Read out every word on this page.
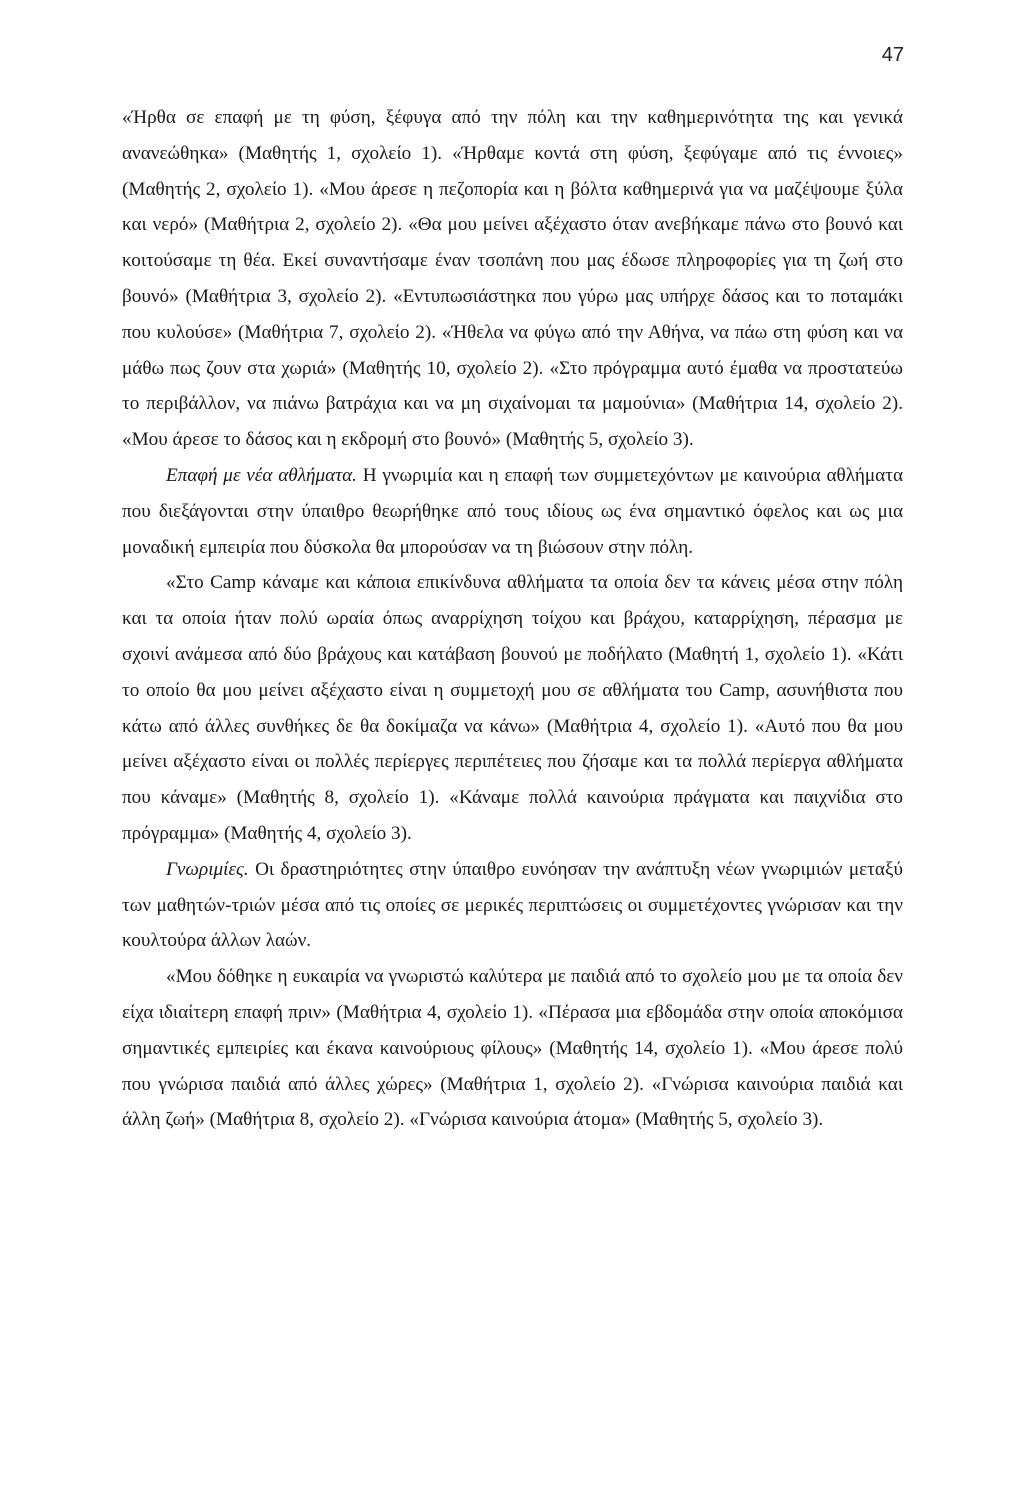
47

«Ήρθα σε επαφή με τη φύση, ξέφυγα από την πόλη και την καθημερινότητα της και γενικά ανανεώθηκα» (Μαθητής 1, σχολείο 1). «Ήρθαμε κοντά στη φύση, ξεφύγαμε από τις έννοιες» (Μαθητής 2, σχολείο 1). «Μου άρεσε η πεζοπορία και η βόλτα καθημερινά για να μαζέψουμε ξύλα και νερό» (Μαθήτρια 2, σχολείο 2). «Θα μου μείνει αξέχαστο όταν ανεβήκαμε πάνω στο βουνό και κοιτούσαμε τη θέα. Εκεί συναντήσαμε έναν τσοπάνη που μας έδωσε πληροφορίες για τη ζωή στο βουνό» (Μαθήτρια 3, σχολείο 2). «Εντυπωσιάστηκα που γύρω μας υπήρχε δάσος και το ποταμάκι που κυλούσε» (Μαθήτρια 7, σχολείο 2). «Ήθελα να φύγω από την Αθήνα, να πάω στη φύση και να μάθω πως ζουν στα χωριά» (Μαθητής 10, σχολείο 2). «Στο πρόγραμμα αυτό έμαθα να προστατεύω το περιβάλλον, να πιάνω βατράχια και να μη σιχαίνομαι τα μαμούνια» (Μαθήτρια 14, σχολείο 2). «Μου άρεσε το δάσος και η εκδρομή στο βουνό» (Μαθητής 5, σχολείο 3).

Επαφή με νέα αθλήματα. Η γνωριμία και η επαφή των συμμετεχόντων με καινούρια αθλήματα που διεξάγονται στην ύπαιθρο θεωρήθηκε από τους ιδίους ως ένα σημαντικό όφελος και ως μια μοναδική εμπειρία που δύσκολα θα μπορούσαν να τη βιώσουν στην πόλη.

«Στο Camp κάναμε και κάποια επικίνδυνα αθλήματα τα οποία δεν τα κάνεις μέσα στην πόλη και τα οποία ήταν πολύ ωραία όπως αναρρίχηση τοίχου και βράχου, καταρρίχηση, πέρασμα με σχοινί ανάμεσα από δύο βράχους και κατάβαση βουνού με ποδήλατο (Μαθητή 1, σχολείο 1). «Κάτι το οποίο θα μου μείνει αξέχαστο είναι η συμμετοχή μου σε αθλήματα του Camp, ασυνήθιστα που κάτω από άλλες συνθήκες δε θα δοκίμαζα να κάνω» (Μαθήτρια 4, σχολείο 1). «Αυτό που θα μου μείνει αξέχαστο είναι οι πολλές περίεργες περιπέτειες που ζήσαμε και τα πολλά περίεργα αθλήματα που κάναμε» (Μαθητής 8, σχολείο 1). «Κάναμε πολλά καινούρια πράγματα και παιχνίδια στο πρόγραμμα» (Μαθητής 4, σχολείο 3).

Γνωριμίες. Οι δραστηριότητες στην ύπαιθρο ευνόησαν την ανάπτυξη νέων γνωριμιών μεταξύ των μαθητών-τριών μέσα από τις οποίες σε μερικές περιπτώσεις οι συμμετέχοντες γνώρισαν και την κουλτούρα άλλων λαών.

«Μου δόθηκε η ευκαιρία να γνωριστώ καλύτερα με παιδιά από το σχολείο μου με τα οποία δεν είχα ιδιαίτερη επαφή πριν» (Μαθήτρια 4, σχολείο 1). «Πέρασα μια εβδομάδα στην οποία αποκόμισα σημαντικές εμπειρίες και έκανα καινούριους φίλους» (Μαθητής 14, σχολείο 1). «Μου άρεσε πολύ που γνώρισα παιδιά από άλλες χώρες» (Μαθήτρια 1, σχολείο 2). «Γνώρισα καινούρια παιδιά και άλλη ζωή» (Μαθήτρια 8, σχολείο 2). «Γνώρισα καινούρια άτομα» (Μαθητής 5, σχολείο 3).
